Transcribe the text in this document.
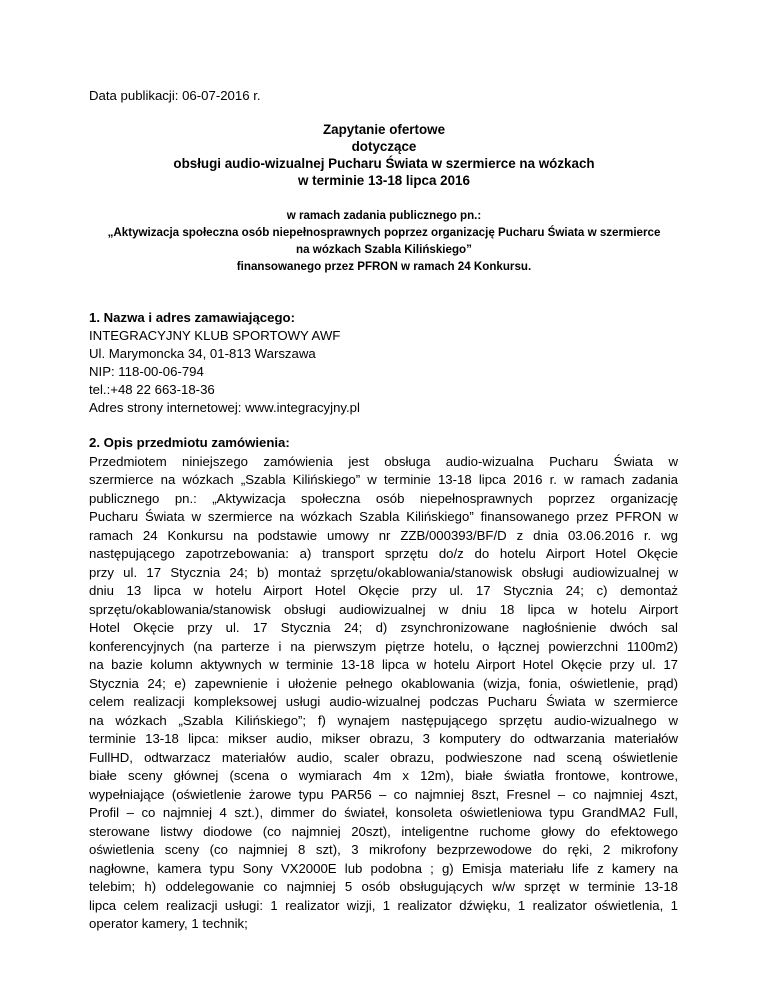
Data publikacji: 06-07-2016 r.
Zapytanie ofertowe
dotyczące
obsługi audio-wizualnej Pucharu Świata w szermierce na wózkach
w terminie 13-18 lipca 2016
w ramach zadania publicznego pn.:
„Aktywizacja społeczna osób niepełnosprawnych poprzez organizację Pucharu Świata w szermierce
na wózkach Szabla Kilińskiego”
finansowanego przez PFRON w ramach 24 Konkursu.
1. Nazwa i adres zamawiającego:
INTEGRACYJNY KLUB SPORTOWY AWF
Ul. Marymoncka 34, 01-813 Warszawa
NIP: 118-00-06-794
tel.:+48 22 663-18-36
Adres strony internetowej: www.integracyjny.pl
2. Opis przedmiotu zamówienia:
Przedmiotem niniejszego zamówienia jest obsługa audio-wizualna Pucharu Świata w
szermierce na wózkach „Szabla Kilińskiego” w terminie 13-18 lipca 2016 r. w ramach zadania
publicznego pn.: „Aktywizacja społeczna osób niepełnosprawnych poprzez organizację
Pucharu Świata w szermierce na wózkach Szabla Kilińskiego” finansowanego przez PFRON w
ramach 24 Konkursu na podstawie umowy nr ZZB/000393/BF/D z dnia 03.06.2016 r. wg
następującego zapotrzebowania: a) transport sprzętu do/z do hotelu Airport Hotel Okęcie
przy ul. 17 Stycznia 24; b) montaż sprzętu/okablowania/stanowisk obsługi audiowizualnej w
dniu 13 lipca w hotelu Airport Hotel Okęcie przy ul. 17 Stycznia 24; c) demontaż
sprzętu/okablowania/stanowisk obsługi audiowizualnej w dniu 18 lipca w hotelu Airport
Hotel Okęcie przy ul. 17 Stycznia 24; d) zsynchronizowane nagłośnienie dwóch sal
konferencyjnych (na parterze i na pierwszym piętrze hotelu, o łącznej powierzchni 1100m2)
na bazie kolumn aktywnych w terminie 13-18 lipca w hotelu Airport Hotel Okęcie przy ul. 17
Stycznia 24; e) zapewnienie i ułożenie pełnego okablowania (wizja, fonia, oświetlenie, prąd)
celem realizacji kompleksowej usługi audio-wizualnej podczas Pucharu Świata w szermierce
na wózkach „Szabla Kilińskiego”; f) wynajem następującego sprzętu audio-wizualnego w
terminie 13-18 lipca: mikser audio, mikser obrazu, 3 komputery do odtwarzania materiałów
FullHD, odtwarzacz materiałów audio, scaler obrazu, podwieszone nad sceną oświetlenie
białe sceny głównej (scena o wymiarach 4m x 12m), białe światła frontowe, kontrowe,
wypełniające (oświetlenie żarowe typu PAR56 – co najmniej 8szt, Fresnel – co najmniej 4szt,
Profil – co najmniej 4 szt.), dimmer do świateł, konsoleta oświetleniowa typu GrandMA2 Full,
sterowane listwy diodowe (co najmniej 20szt), inteligentne ruchome głowy do efektowego
oświetlenia sceny (co najmniej 8 szt), 3 mikrofony bezprzewodowe do ręki, 2 mikrofony
nagłowne, kamera typu Sony VX2000E lub podobna ; g) Emisja materiału life z kamery na
telebim; h) oddelegowanie co najmniej 5 osób obsługujących w/w sprzęt w terminie 13-18
lipca celem realizacji usługi: 1 realizator wizji, 1 realizator dźwięku, 1 realizator oświetlenia, 1
operator kamery, 1 technik;
